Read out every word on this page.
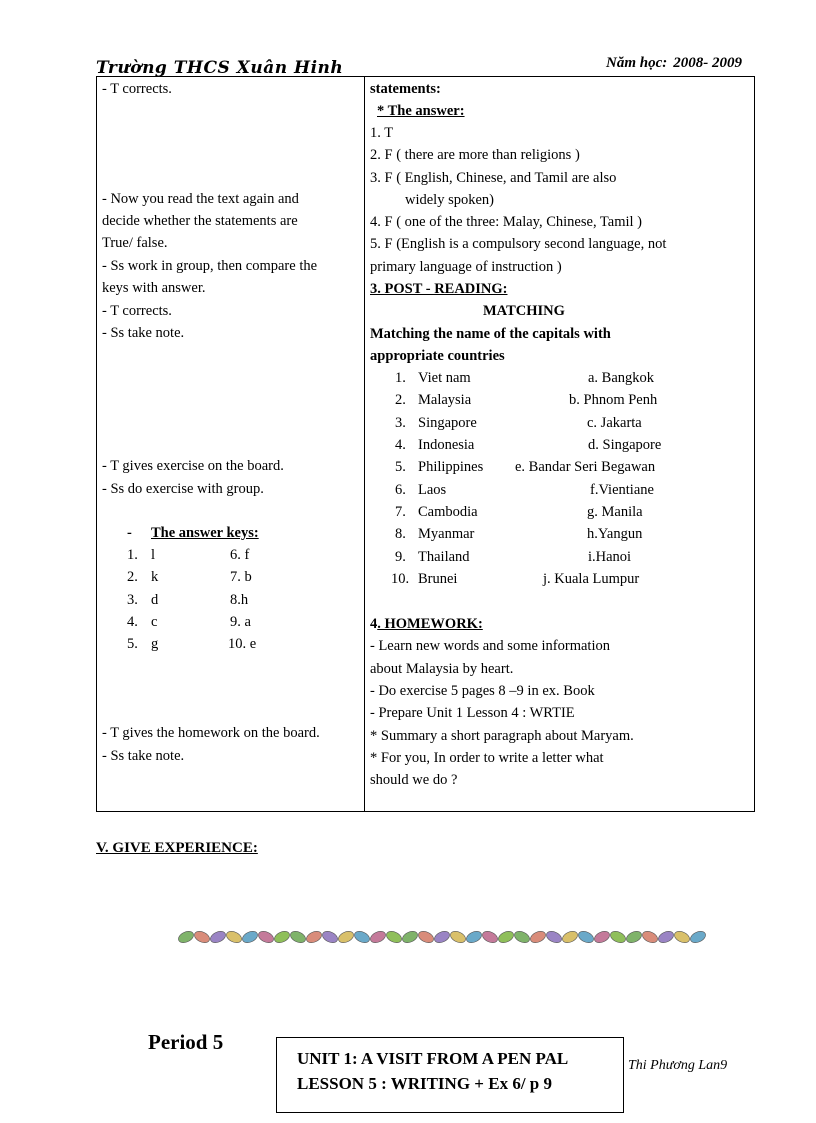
Trường THCS Xuân Hinh	Năm học: 2008- 2009
- T corrects.
- Now you read the text again and
decide whether the statements are
True/ false.
- Ss work in group, then compare the
keys with answer.
- T corrects.
- Ss take note.
- T gives exercise on the board.
- Ss do exercise with group.
- The answer keys:
1. l	6. f
2. k	7. b
3. d	8.h
4. c	9. a
5. g	10. e
- T gives the homework on the board.
- Ss take note.
statements:
* The answer:
1. T
2. F ( there are more than religions )
3. F ( English, Chinese, and Tamil are also
widely spoken)
4. F ( one of the three: Malay, Chinese, Tamil )
5. F (English is a compulsory second language, not
primary language of instruction )
3. POST - READING:
MATCHING
Matching the name of the capitals with
appropriate countries
1. Viet nam	a. Bangkok
2. Malaysia	b. Phnom Penh
3. Singapore	c. Jakarta
4. Indonesia	d. Singapore
5. Philippines e. Bandar Seri Begawan
6. Laos	f.Vientiane
7. Cambodia	g. Manila
8. Myanmar	h.Yangun
9. Thailand	i.Hanoi
10. Brunei	j. Kuala Lumpur
4. HOMEWORK:
- Learn new words and some information
about Malaysia by heart.
- Do exercise 5 pages 8 –9 in ex. Book
- Prepare Unit 1 Lesson 4 : WRTIE
* Summary a short paragraph about Maryam.
* For you, In order to write a letter what
should we do ?
V. GIVE EXPERIENCE:
Period 5
UNIT 1: A VISIT FROM A PEN PAL
LESSON 5 : WRITING + Ex 6/ p 9
Thi Phương Lan9
